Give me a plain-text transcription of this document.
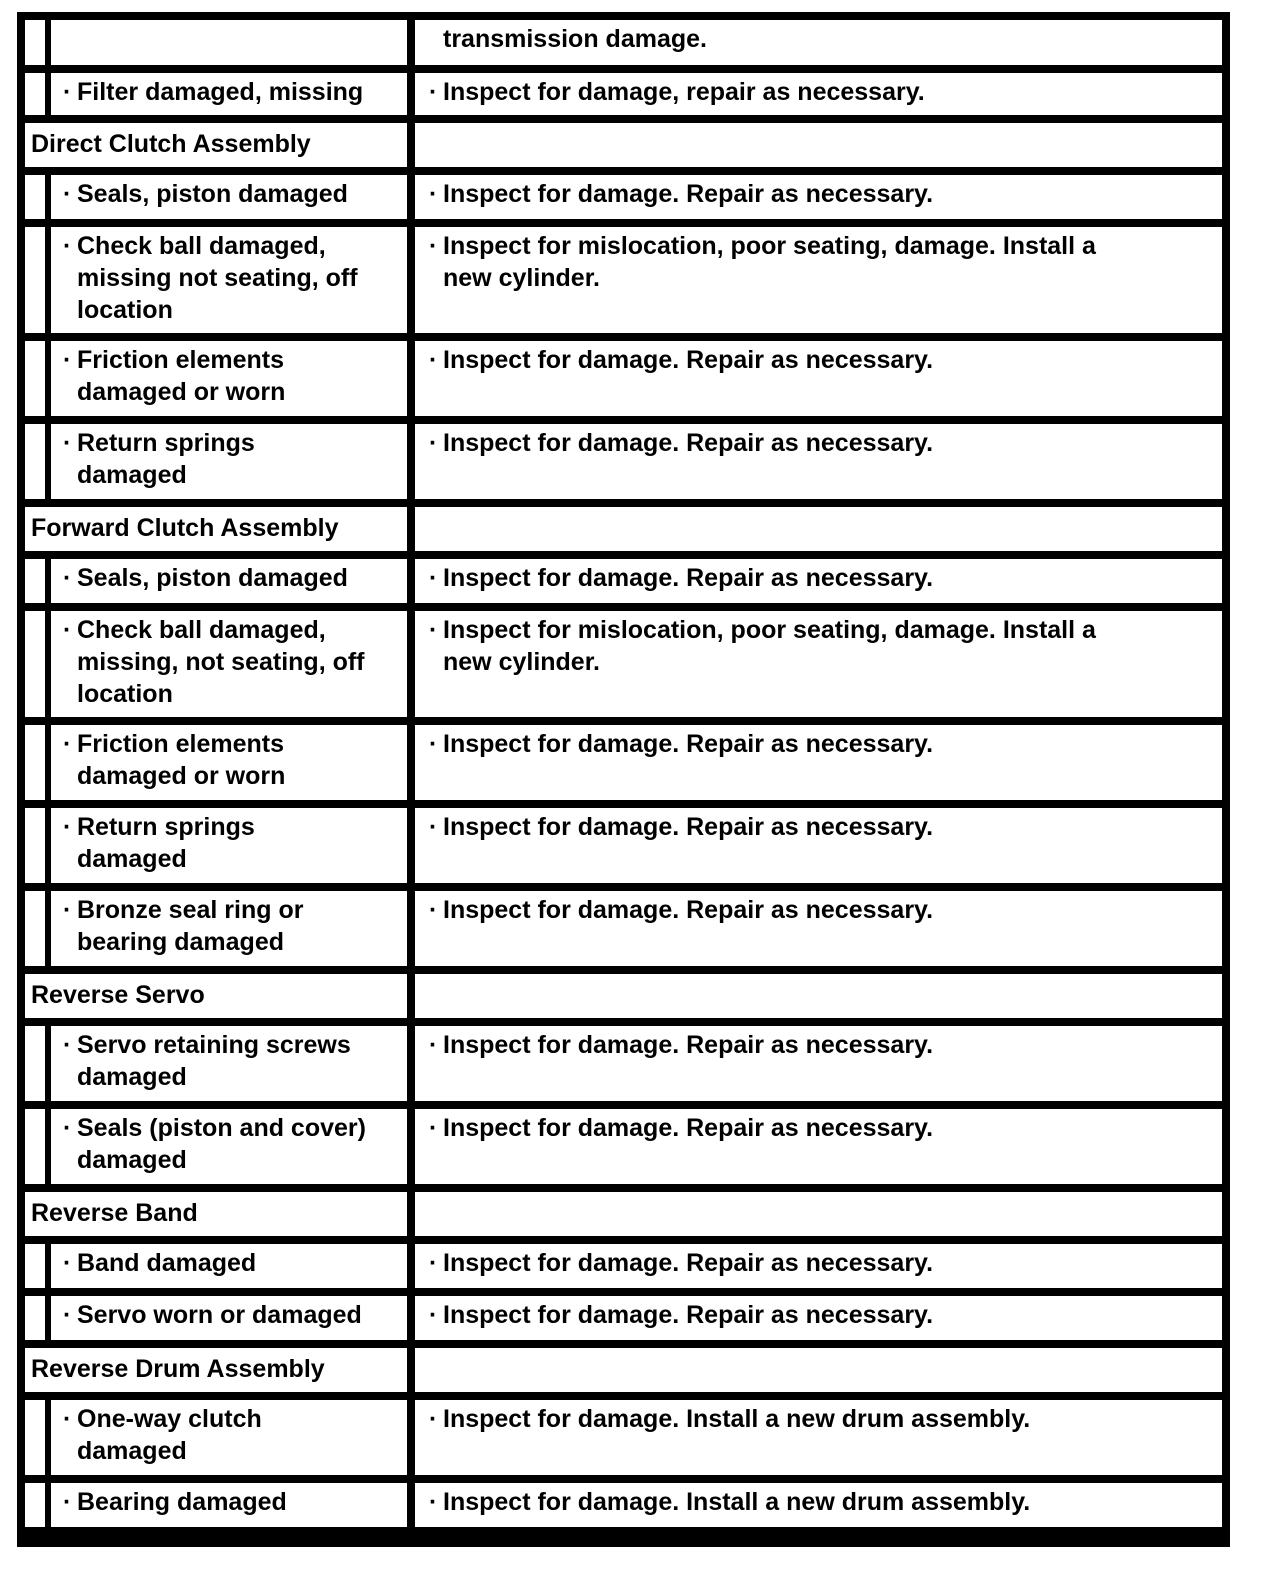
transmission damage.
· Filter damaged, missing	· Inspect for damage, repair as necessary.
Direct Clutch Assembly
· Seals, piston damaged	· Inspect for damage. Repair as necessary.
· Check ball damaged,
missing not seating, off
location
· Inspect for mislocation, poor seating, damage. Install a
new cylinder.
· Friction elements
damaged or worn
· Inspect for damage. Repair as necessary.
· Return springs
damaged
· Inspect for damage. Repair as necessary.
Forward Clutch Assembly
· Seals, piston damaged	· Inspect for damage. Repair as necessary.
· Check ball damaged,
missing, not seating, off
location
· Inspect for mislocation, poor seating, damage. Install a
new cylinder.
· Friction elements
damaged or worn
· Inspect for damage. Repair as necessary.
· Return springs
damaged
· Inspect for damage. Repair as necessary.
· Bronze seal ring or
bearing damaged
· Inspect for damage. Repair as necessary.
Reverse Servo
· Servo retaining screws
damaged
· Inspect for damage. Repair as necessary.
· Seals (piston and cover)
damaged
· Inspect for damage. Repair as necessary.
Reverse Band
· Band damaged	· Inspect for damage. Repair as necessary.
· Servo worn or damaged	· Inspect for damage. Repair as necessary.
Reverse Drum Assembly
· One-way clutch
damaged
· Inspect for damage. Install a new drum assembly.
· Bearing damaged	· Inspect for damage. Install a new drum assembly.
